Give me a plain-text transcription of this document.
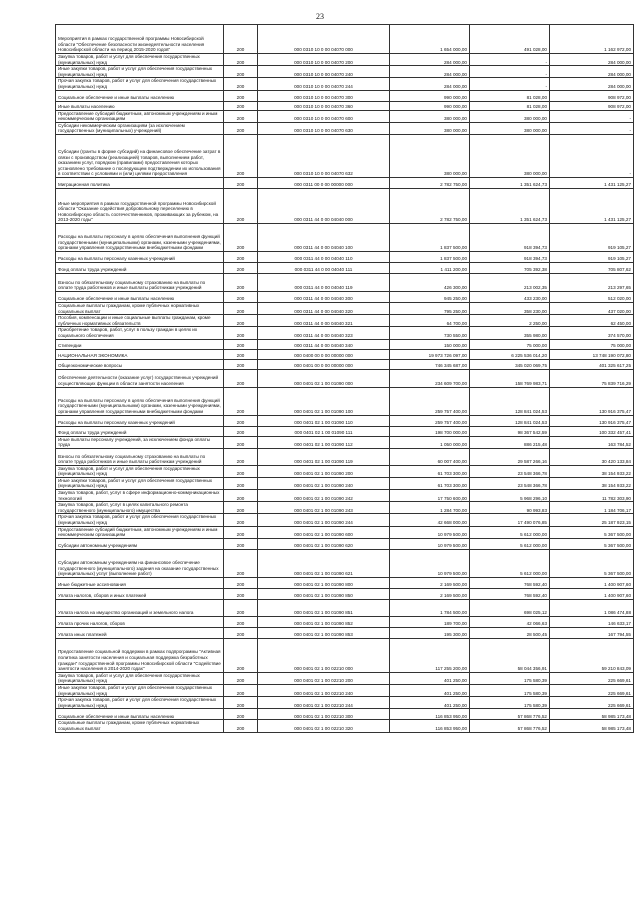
23
Мероприятия в рамках государственной программы Новосибирской области "Обеспечение безопасности жизнедеятельности населения Новосибирской области на период 2015-2020 годов"	200	000 0310 10 0 00 04070 000	1 654 000,00	491 028,00	1 162 972,00
Закупка товаров, работ и услуг для обеспечения государственных (муниципальных) нужд	200	000 0310 10 0 00 04070 200	284 000,00	-	284 000,00
Иные закупки товаров, работ и услуг для обеспечения государственных (муниципальных) нужд	200	000 0310 10 0 00 04070 240	284 000,00	-	284 000,00
Прочая закупка товаров, работ и услуг для обеспечения государственных (муниципальных) нужд	200	000 0310 10 0 00 04070 244	284 000,00	-	284 000,00
Социальное обеспечение и иные выплаты населению	200	000 0310 10 0 00 04070 300	990 000,00	81 028,00	908 972,00
Иные выплаты населению	200	000 0310 10 0 00 04070 360	990 000,00	81 028,00	908 972,00
Предоставление субсидий бюджетным, автономным учреждениям и иным некоммерческим организациям	200	000 0310 10 0 00 04070 600	380 000,00	380 000,00	-
Субсидии некоммерческим организациям (за исключением государственных (муниципальных) учреждений)	200	000 0310 10 0 00 04070 630	380 000,00	380 000,00	-
Субсидии (гранты в форме субсидий) на финансовое обеспечение затрат в связи с производством (реализацией) товаров, выполнением работ, оказанием услуг, порядком (правилами) предоставления которых установлено требование о последующем подтверждении их использования в соответствии с условиями и (или) целями предоставления	200	000 0310 10 0 00 04070 632	380 000,00	380 000,00	-
Миграционная политика	200	000 0311 00 0 00 00000 000	2 782 750,00	1 351 624,73	1 431 125,27
Иные мероприятия в рамках государственной программы Новосибирской области "Оказание содействия добровольному переселению в Новосибирскую область соотечественников, проживающих за рубежом, на 2013-2020 годы"	200	000 0311 44 0 00 04040 000	2 782 750,00	1 351 624,73	1 431 125,27
Расходы на выплаты персоналу в целях обеспечения выполнения функций государственными (муниципальными) органами, казенными учреждениями, органами управления государственными внебюджетными фондами	200	000 0311 44 0 00 04040 100	1 837 500,00	918 394,73	919 105,27
Расходы на выплаты персоналу казенных учреждений	200	000 0311 44 0 00 04040 110	1 837 500,00	918 394,73	919 105,27
Фонд оплаты труда учреждений	200	000 0311 44 0 00 04040 111	1 411 200,00	705 392,38	705 807,62
Взносы по обязательному социальному страхованию на выплаты по оплате труда работников и иные выплаты работникам учреждений	200	000 0311 44 0 00 04040 119	426 300,00	213 002,35	213 297,65
Социальное обеспечение и иные выплаты населению	200	000 0311 44 0 00 04040 300	945 250,00	433 230,00	512 020,00
Социальные выплаты гражданам, кроме публичных нормативных социальных выплат	200	000 0311 44 0 00 04040 320	795 250,00	358 230,00	437 020,00
Пособия, компенсации и иные социальные выплаты гражданам, кроме публичных нормативных обязательств	200	000 0311 44 0 00 04040 321	64 700,00	2 250,00	62 450,00
Приобретение товаров, работ, услуг в пользу граждан в целях их социального обеспечения	200	000 0311 44 0 00 04040 323	730 550,00	355 980,00	374 570,00
Стипендии	200	000 0311 44 0 00 04040 340	150 000,00	75 000,00	75 000,00
НАЦИОНАЛЬНАЯ ЭКОНОМИКА	200	000 0400 00 0 00 00000 000	19 973 726 097,00	6 225 536 014,20	13 748 190 072,80
Общеэкономические вопросы	200	000 0401 00 0 00 00000 000	746 345 687,00	345 020 069,75	401 325 617,25
Обеспечение деятельности (оказание услуг) государственных учреждений осуществляющих функции в области занятости населения	200	000 0401 02 1 00 01090 000	234 609 700,00	158 769 983,71	75 839 716,29
Расходы на выплаты персоналу в целях обеспечения выполнения функций государственными (муниципальными) органами, казенными учреждениями, органами управления государственными внебюджетными фондами	200	000 0401 02 1 00 01090 100	259 757 400,00	128 841 024,53	130 916 375,47
Расходы на выплаты персоналу казенных учреждений	200	000 0401 02 1 00 01090 110	259 757 400,00	128 841 024,53	130 916 375,47
Фонд оплаты труда учреждений	200	000 0401 02 1 00 01090 111	198 700 000,00	98 367 542,59	100 332 457,41
Иные выплаты персоналу учреждений, за исключением фонда оплаты труда	200	000 0401 02 1 00 01090 112	1 050 000,00	886 215,48	163 784,52
Взносы по обязательному социальному страхованию на выплаты по оплате труда работников и иные выплаты работникам учреждений	200	000 0401 02 1 00 01090 119	60 007 400,00	29 587 266,16	30 420 133,84
Закупка товаров, работ и услуг для обеспечения государственных (муниципальных) нужд	200	000 0401 02 1 00 01090 200	61 703 300,00	23 548 366,78	38 154 933,22
Иные закупки товаров, работ и услуг для обеспечения государственных (муниципальных) нужд	200	000 0401 02 1 00 01090 240	61 703 300,00	23 548 366,78	38 154 933,22
Закупка товаров, работ, услуг в сфере информационно-коммуникационных технологий	200	000 0401 02 1 00 01090 242	17 750 600,00	5 968 296,10	11 782 303,90
Закупка товаров, работ, услуг в целях капитального ремонта государственного (муниципального) имущества	200	000 0401 02 1 00 01090 243	1 284 700,00	90 993,83	1 184 706,17
Прочая закупка товаров, работ и услуг для обеспечения государственных (муниципальных) нужд	200	000 0401 02 1 00 01090 244	42 668 000,00	17 490 076,85	25 187 923,15
Предоставление субсидий бюджетным, автономным учреждениям и иным некоммерческим организациям	200	000 0401 02 1 00 01090 600	10 979 500,00	5 612 000,00	5 367 500,00
Субсидии автономным учреждениям	200	000 0401 02 1 00 01090 620	10 979 500,00	5 612 000,00	5 367 500,00
Субсидии автономным учреждениям на финансовое обеспечение государственного (муниципального) задания на оказание государственных (муниципальных) услуг (выполнение работ)	200	000 0401 02 1 00 01090 621	10 979 500,00	5 612 000,00	5 367 500,00
Иные бюджетные ассигнования	200	000 0401 02 1 00 01090 800	2 169 500,00	768 592,40	1 400 907,60
Уплата налогов, сборов и иных платежей	200	000 0401 02 1 00 01090 850	2 169 500,00	768 592,40	1 400 907,60
Уплата налога на имущество организаций и земельного налога	200	000 0401 02 1 00 01090 851	1 784 500,00	698 025,12	1 086 474,88
Уплата прочих налогов, сборов	200	000 0401 02 1 00 01090 852	189 700,00	42 066,63	146 633,17
Уплата иных платежей	200	000 0401 02 1 00 01090 853	195 300,00	28 500,45	167 794,55
Предоставление социальной поддержки в рамках подпрограммы "Активная политика занятости населения и социальная поддержка безработных граждан" государственной программы Новосибирской области "Содействие занятости населения в 2014-2020 годах"	200	000 0401 02 1 00 02210 000	117 255 200,00	58 044 356,91	59 210 843,09
Закупка товаров, работ и услуг для обеспечения государственных (муниципальных) нужд	200	000 0401 02 1 00 02210 200	401 250,00	175 580,39	225 669,61
Иные закупки товаров, работ и услуг для обеспечения государственных (муниципальных) нужд	200	000 0401 02 1 00 02210 240	401 250,00	175 580,39	225 669,61
Прочая закупка товаров, работ и услуг для обеспечения государственных (муниципальных) нужд	200	000 0401 02 1 00 02210 244	401 250,00	175 580,39	225 669,61
Социальное обеспечение и иные выплаты населению	200	000 0401 02 1 00 02210 300	116 853 950,00	57 868 776,52	58 985 173,48
Социальные выплаты гражданам, кроме публичных нормативных социальных выплат	200	000 0401 02 1 00 02210 320	116 853 950,00	57 868 776,52	58 985 173,48
